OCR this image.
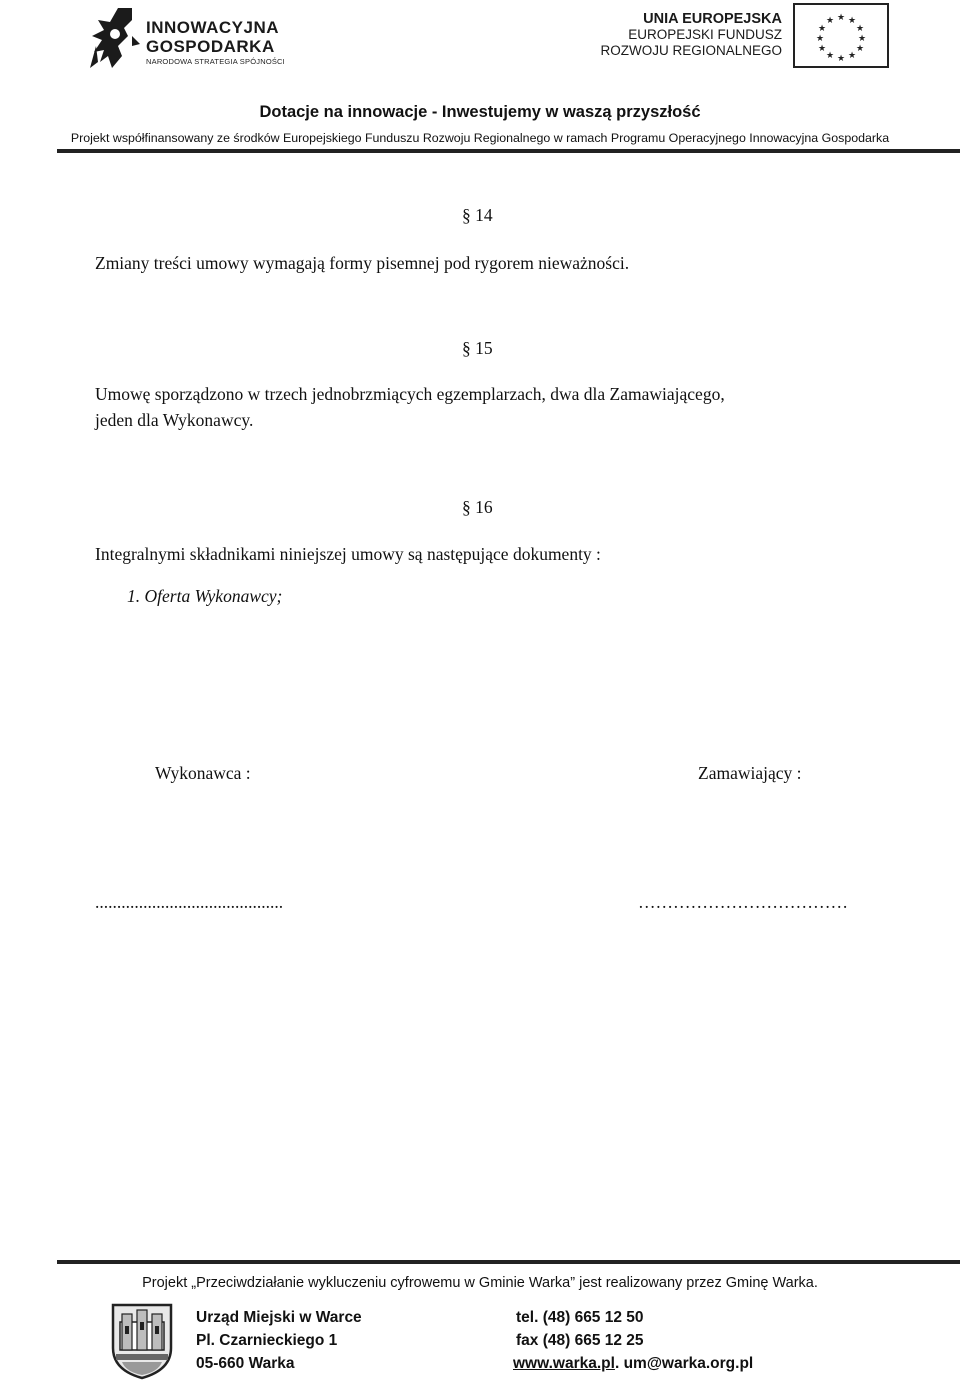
INNOWACYJNA
GOSPODARKA
NARODOWA STRATEGIA SPÓJNOŚCI
UNIA EUROPEJSKA
EUROPEJSKI FUNDUSZ
ROZWOJU REGIONALNEGO
★ ★
★
★
★
★
★
★
★
★
★
★
Dotacje na innowacje - Inwestujemy w waszą przyszłość
Projekt współfinansowany ze środków Europejskiego Funduszu Rozwoju Regionalnego w ramach Programu Operacyjnego Innowacyjna Gospodarka
§ 14
Zmiany treści umowy wymagają formy pisemnej pod rygorem nieważności.
§ 15
Umowę sporządzono w trzech jednobrzmiących egzemplarzach, dwa dla Zamawiającego,
jeden dla Wykonawcy.
§ 16
Integralnymi składnikami niniejszej umowy są następujące dokumenty :
1. Oferta Wykonawcy;
Wykonawca :	Zamawiający :
...........................................	………………………………
Projekt „Przeciwdziałanie wykluczeniu cyfrowemu w Gminie Warka” jest realizowany przez Gminę Warka.
Urząd Miejski w Warce
Pl. Czarnieckiego 1
05-660 Warka
tel. (48) 665 12 50
fax (48) 665 12 25
www.warka.pl. um@warka.org.pl
